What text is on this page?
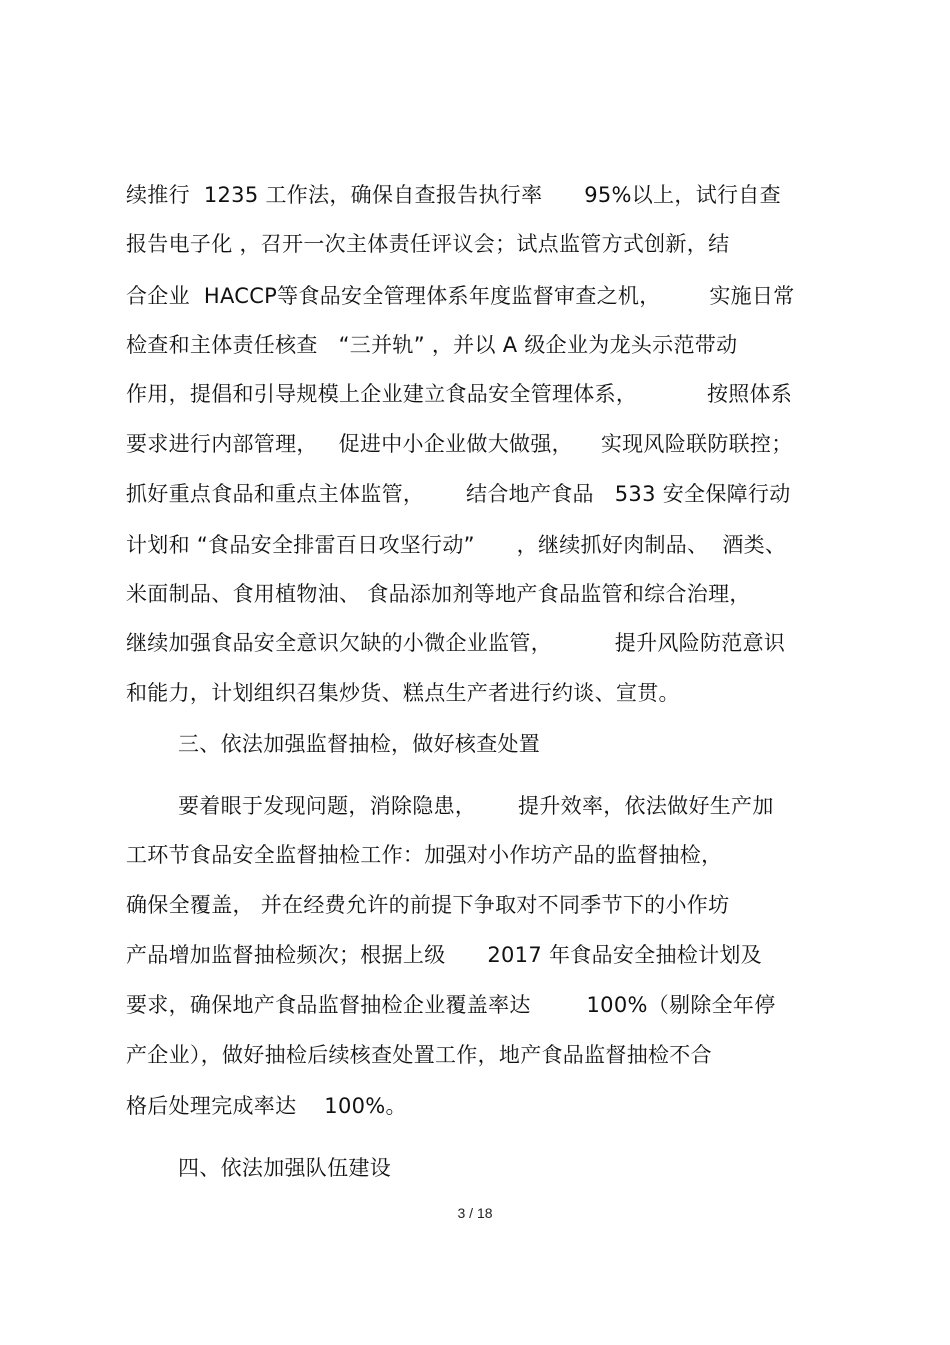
续推行  1235 工作法，确保自查报告执行率      95%以上，试行自查
报告电子化 ，召开一次主体责任评议会；试点监管方式创新，结
合企业  HACCP等食品安全管理体系年度监督审查之机，       实施日常
检查和主体责任核查   “三并轨” ，并以 A 级企业为龙头示范带动
作用，提倡和引导规模上企业建立食品安全管理体系，          按照体系
要求进行内部管理，   促进中小企业做大做强，    实现风险联防联控；
抓好重点食品和重点主体监管，      结合地产食品   533 安全保障行动
计划和 “食品安全排雷百日攻坚行动”      ，继续抓好肉制品、  酒类、
米面制品、食用植物油、 食品添加剂等地产食品监管和综合治理，
继续加强食品安全意识欠缺的小微企业监管，         提升风险防范意识
和能力，计划组织召集炒货、糕点生产者进行约谈、宣贯。
三、依法加强监督抽检，做好核查处置
要着眼于发现问题，消除隐患，      提升效率，依法做好生产加
工环节食品安全监督抽检工作：加强对小作坊产品的监督抽检，
确保全覆盖， 并在经费允许的前提下争取对不同季节下的小作坊
产品增加监督抽检频次；根据上级      2017 年食品安全抽检计划及
要求，确保地产食品监督抽检企业覆盖率达        100%（剔除全年停
产企业），做好抽检后续核查处置工作，地产食品监督抽检不合
格后处理完成率达    100%。
四、依法加强队伍建设
3 / 18
